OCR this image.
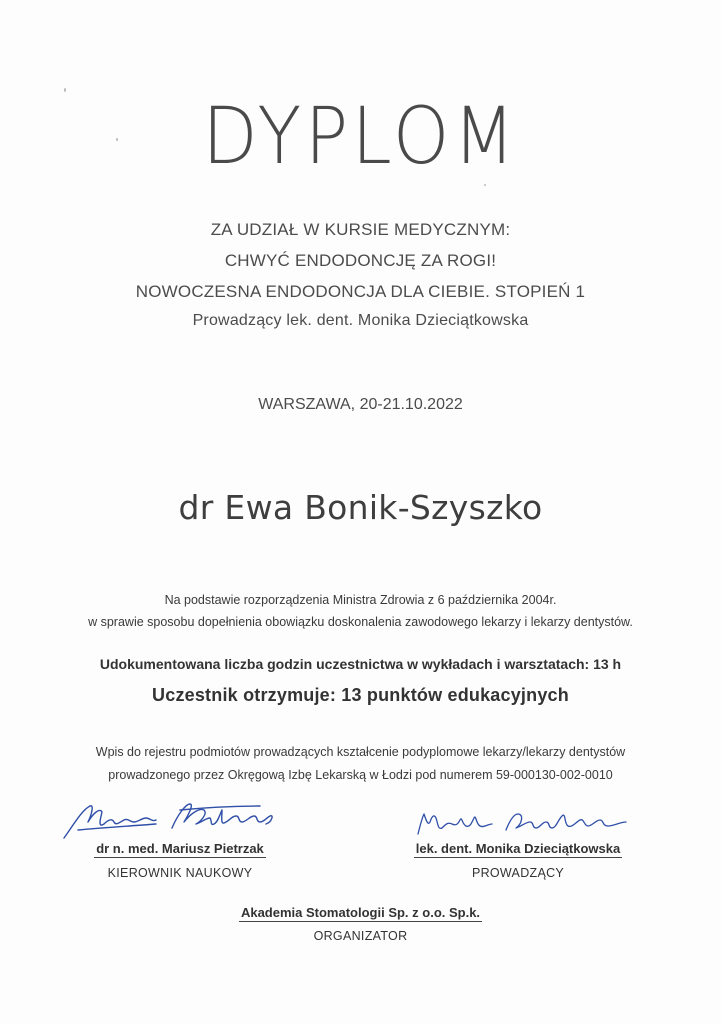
DYPLOM
ZA UDZIAŁ W KURSIE MEDYCZNYM:
CHWYĆ ENDODONCJĘ ZA ROGI!
NOWOCZESNA ENDODONCJA DLA CIEBIE. STOPIEŃ 1
Prowadzący lek. dent. Monika Dzieciątkowska
WARSZAWA, 20-21.10.2022
dr Ewa Bonik-Szyszko
Na podstawie rozporządzenia Ministra Zdrowia z 6 października 2004r.
w sprawie sposobu dopełnienia obowiązku doskonalenia zawodowego lekarzy i lekarzy dentystów.
Udokumentowana liczba godzin uczestnictwa w wykładach i warsztatach: 13 h
Uczestnik otrzymuje: 13 punktów edukacyjnych
Wpis do rejestru podmiotów prowadzących kształcenie podyplomowe lekarzy/lekarzy dentystów
prowadzonego przez Okręgową Izbę Lekarską w Łodzi pod numerem 59-000130-002-0010
dr n. med. Mariusz Pietrzak
KIEROWNIK NAUKOWY
lek. dent. Monika Dzieciątkowska
PROWADZĄCY
Akademia Stomatologii Sp. z o.o. Sp.k.
ORGANIZATOR
